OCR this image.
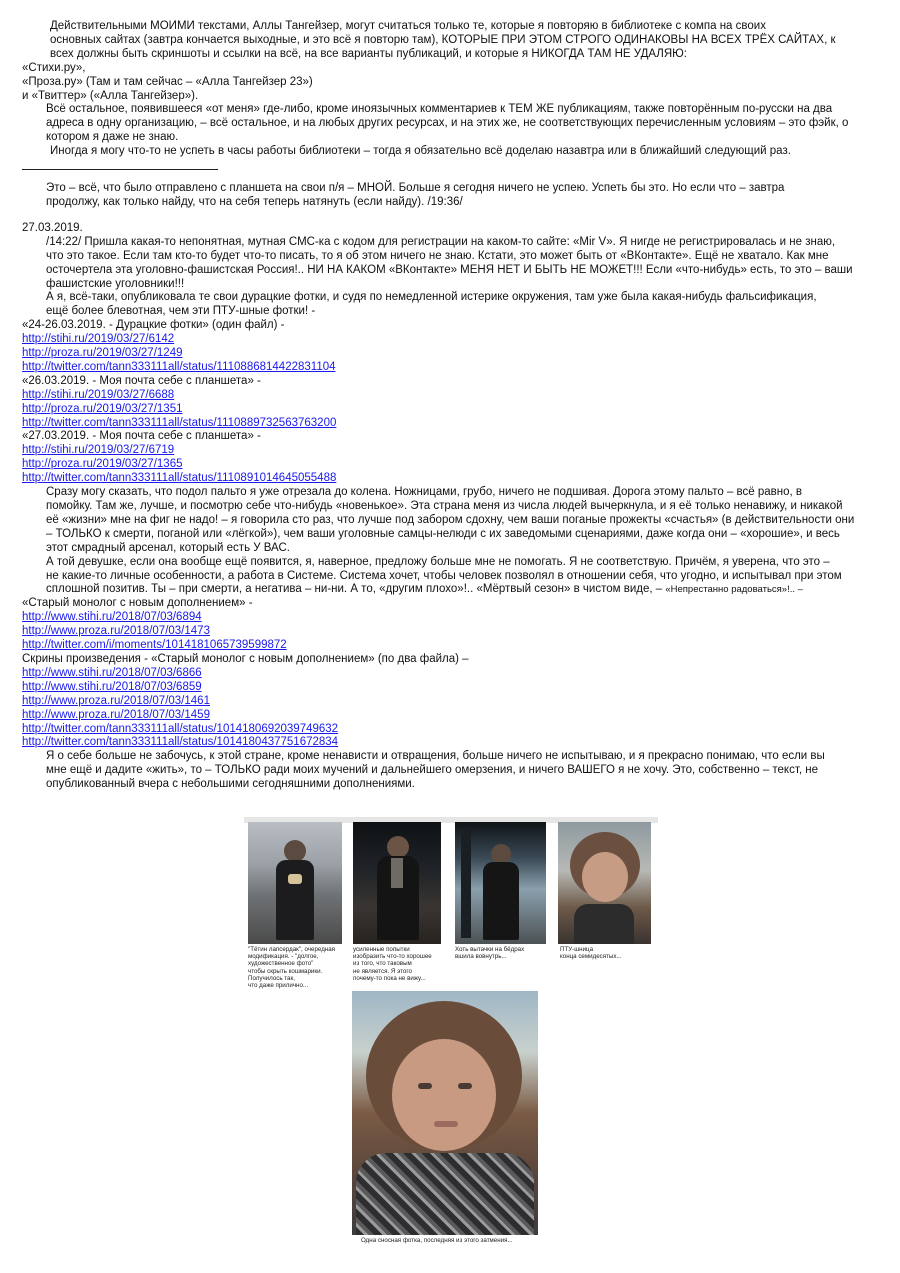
Действительными МОИМИ текстами, Аллы Тангейзер, могут считаться только те, которые я повторяю в библиотеке с компа на своих
основных сайтах (завтра кончается выходные, и это всё я повторю там), КОТОРЫЕ ПРИ ЭТОМ СТРОГО ОДИНАКОВЫ НА ВСЕХ ТРЁХ САЙТАХ, к
всех должны быть скриншоты и ссылки на всё, на все варианты публикаций, и которые я НИКОГДА ТАМ НЕ УДАЛЯЮ:

«Стихи.ру»,
«Проза.ру» (Там и там сейчас – «Алла Тангейзер 23»)
и «Твиттер» («Алла Тангейзер»).

Всё остальное, появившееся «от меня» где-либо, кроме иноязычных комментариев к ТЕМ ЖЕ публикациям, также повторённым по-русски на два
адреса в одну организацию, – всё остальное, и на любых других ресурсах, и на этих же, не соответствующих перечисленным условиям – это фэйк, о
котором я даже не знаю.

Иногда я могу что-то не успеть в часы работы библиотеки – тогда я обязательно всё доделаю назавтра или в ближайший следующий раз.

Это – всё, что было отправлено с планшета на свои п/я – МНОЙ. Больше я сегодня ничего не успею. Успеть бы это. Но если что – завтра
продолжу, как только найду, что на себя теперь натянуть (если найду). /19:36/

27.03.2019.

/14:22/ Пришла какая-то непонятная, мутная СМС-ка с кодом для регистрации на каком-то сайте: «Mir V». Я нигде не регистрировалась и не знаю,
что это такое. Если там кто-то будет что-то писать, то я об этом ничего не знаю. Кстати, это может быть от «ВКонтакте». Ещё не хватало. Как мне
осточертела эта уголовно-фашистская Россия!.. НИ НА КАКОМ «ВКонтакте» МЕНЯ НЕТ И БЫТЬ НЕ МОЖЕТ!!! Если «что-нибудь» есть, то это – ваши
фашистские уголовники!!!

А я, всё-таки, опубликовала те свои дурацкие фотки, и судя по немедленной истерике окружения, там уже была какая-нибудь фальсификация,
ещё более блевотная, чем эти ПТУ-шные фотки! -

«24-26.03.2019. - Дурацкие фотки» (один файл) -

http://stihi.ru/2019/03/27/6142
http://proza.ru/2019/03/27/1249
http://twitter.com/tann333111all/status/1110886814422831104

«26.03.2019. - Моя почта себе с планшета» -

http://stihi.ru/2019/03/27/6688
http://proza.ru/2019/03/27/1351
http://twitter.com/tann333111all/status/1110889732563763200

«27.03.2019. - Моя почта себе с планшета» -

http://stihi.ru/2019/03/27/6719
http://proza.ru/2019/03/27/1365
http://twitter.com/tann333111all/status/1110891014645055488

Сразу могу сказать, что подол пальто я уже отрезала до колена. Ножницами, грубо, ничего не подшивая. Дорога этому пальто – всё равно, в
помойку. Там же, лучше, и посмотрю себе что-нибудь «новенькое». Эта страна меня из числа людей вычеркнула, и я её только ненавижу, и никакой
её «жизни» мне на фиг не надо! – я говорила сто раз, что лучше под забором сдохну, чем ваши поганые прожекты «счастья» (в действительности они
– ТОЛЬКО к смерти, поганой или «лёгкой»), чем ваши уголовные самцы-нелюди с их заведомыми сценариями, даже когда они – «хорошие», и весь
этот смрадный арсенал, который есть У ВАС.

А той девушке, если она вообще ещё появится, я, наверное, предложу больше мне не помогать. Я не соответствую. Причём, я уверена, что это –
не какие-то личные особенности, а работа в Системе. Система хочет, чтобы человек позволял в отношении себя, что угодно, и испытывал при этом
сплошной позитив. Ты – при смерти, а негатива – ни-ни. А то, «другим плохо»!.. «Мёртвый сезон» в чистом виде, – «Непрестанно радоваться»!.. –

«Старый монолог с новым дополнением» -

http://www.stihi.ru/2018/07/03/6894
http://www.proza.ru/2018/07/03/1473
http://twitter.com/i/moments/1014181065739599872

Скрины произведения - «Старый монолог с новым дополнением» (по два файла) –

http://www.stihi.ru/2018/07/03/6866
http://www.stihi.ru/2018/07/03/6859
http://www.proza.ru/2018/07/03/1461
http://www.proza.ru/2018/07/03/1459
http://twitter.com/tann333111all/status/1014180692039749632
http://twitter.com/tann333111all/status/1014180437751672834

Я о себе больше не забочусь, к этой стране, кроме ненависти и отвращения, больше ничего не испытываю, и я прекрасно понимаю, что если вы
мне ещё и дадите «жить», то – ТОЛЬКО ради моих мучений и дальнейшего омерзения, и ничего ВАШЕГО я не хочу. Это, собственно – текст, не
опубликованный вчера с небольшими сегодняшними дополнениями.

"Тётин лапсердак", очередная
модификация. - "долгое,
художественное фото"
чтобы скрыть кошмарики.
Получилось так,
что даже прилично...
усиленные попытки
изобразить что-то хорошее
из того, что таковым
не является. Я этого
почему-то пока не вижу...
Хоть вытачки на бёдрах
вшила вовнутрь...
ПТУ-шница
конца семидесятых...
Одна сносная фотка, последняя из этого затмения...
